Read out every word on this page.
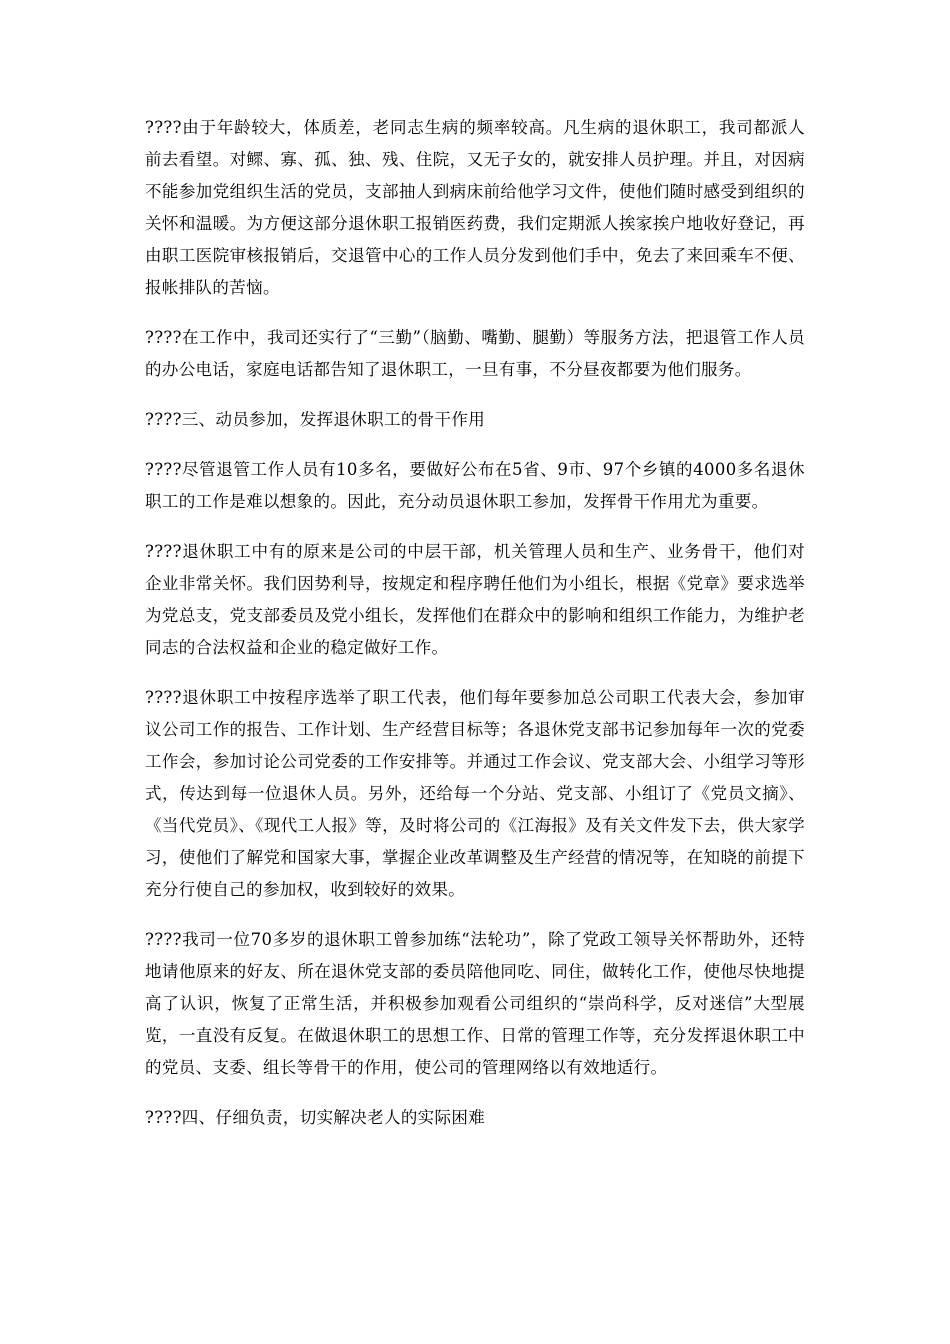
????由于年龄较大，体质差，老同志生病的频率较高。凡生病的退休职工，我司都派人前去看望。对鳏、寡、孤、独、残、住院，又无子女的，就安排人员护理。并且，对因病不能参加党组织生活的党员，支部抽人到病床前给他学习文件，使他们随时感受到组织的关怀和温暖。为方便这部分退休职工报销医药费，我们定期派人挨家挨户地收好登记，再由职工医院审核报销后，交退管中心的工作人员分发到他们手中，免去了来回乘车不便、报帐排队的苦恼。

????在工作中，我司还实行了“三勤”（脑勤、嘴勤、腿勤）等服务方法，把退管工作人员的办公电话，家庭电话都告知了退休职工，一旦有事，不分昼夜都要为他们服务。

????三、动员参加，发挥退休职工的骨干作用

????尽管退管工作人员有10多名，要做好公布在5省、9市、97个乡镇的4000多名退休职工的工作是难以想象的。因此，充分动员退休职工参加，发挥骨干作用尤为重要。

????退休职工中有的原来是公司的中层干部，机关管理人员和生产、业务骨干，他们对企业非常关怀。我们因势利导，按规定和程序聘任他们为小组长，根据《党章》要求选举为党总支，党支部委员及党小组长，发挥他们在群众中的影响和组织工作能力，为维护老同志的合法权益和企业的稳定做好工作。

????退休职工中按程序选举了职工代表，他们每年要参加总公司职工代表大会，参加审议公司工作的报告、工作计划、生产经营目标等；各退休党支部书记参加每年一次的党委工作会，参加讨论公司党委的工作安排等。并通过工作会议、党支部大会、小组学习等形式，传达到每一位退休人员。另外，还给每一个分站、党支部、小组订了《党员文摘》、《当代党员》、《现代工人报》等，及时将公司的《江海报》及有关文件发下去，供大家学习，使他们了解党和国家大事，掌握企业改革调整及生产经营的情况等，在知晓的前提下充分行使自己的参加权，收到较好的效果。

????我司一位70多岁的退休职工曾参加练“法轮功”，除了党政工领导关怀帮助外，还特地请他原来的好友、所在退休党支部的委员陪他同吃、同住，做转化工作，使他尽快地提高了认识，恢复了正常生活，并积极参加观看公司组织的“崇尚科学，反对迷信”大型展览，一直没有反复。在做退休职工的思想工作、日常的管理工作等，充分发挥退休职工中的党员、支委、组长等骨干的作用，使公司的管理网络以有效地适行。

????四、仔细负责，切实解决老人的实际困难
